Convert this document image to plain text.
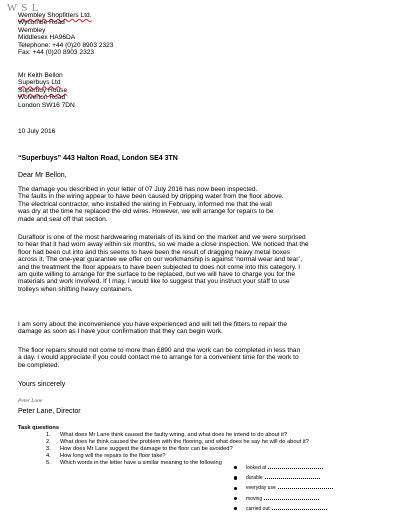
WSL
Wembley Shopfitters Ltd.
Wycombe Road
Wembley
Middlesex HA96DA
Telephone: +44 (0)20 8903 2323
Fax: +44 (0)20 8903 2323
Mr Keith Bellon
Superbuys Ltd
Superbuy House
Wolverton Road
London SW16 7DN
10 July 2016
“Superbuys” 443 Halton Road, London SE4 3TN
Dear Mr Bellon,
The damage you described in your letter of 07 July 2016 has now been inspected.
The faults in the wiring appear to have been caused by dripping water from the floor above.
The electrical contractor, who installed the wiring in February, informed me that the wall
was dry at the time he replaced the old wires. However, we will arrange for repairs to be
made and seal off that section.
Durafloor is one of the most hardwearing materials of its kind on the market and we were surprised
to hear that it had worn away within six months, so we made a close inspection. We noticed that the
floor had been cut into and this seems to have been the result of dragging heavy metal boxes
across it. The one-year guarantee we offer on our workmanship is against ‘normal wear and tear’,
and the treatment the floor appears to have been subjected to does not come into this category. I
am quite willing to arrange for the surface to be replaced, but we will have to charge you for the
materials and work involved. If I may, I would like to suggest that you instruct your staff to use
trolleys when shifting heavy containers.
I am sorry about the inconvenience you have experienced and will tell the fitters to repair the
damage as soon as I have your confirmation that they can begin work.
The floor repairs should not come to more than £890 and the work can be completed in less than
a day. I would appreciate if you could contact me to arrange for a convenient time for the work to
be completed.
Yours sincerely
Peter Lane
Peter Lane, Director
Task questions
1. What does Mr Lane think caused the faulty wiring, and what does he intend to do about it?
2. What does he think caused the problem with the flooring, and what does he say he will do about it?
3. How does Mr Lane suggest the damage to the floor can be avoided?
4. How long will the repairs to the floor take?
5. Which words in the letter have a similar meaning to the following
looked at
durable
everyday use
moving
carried out
